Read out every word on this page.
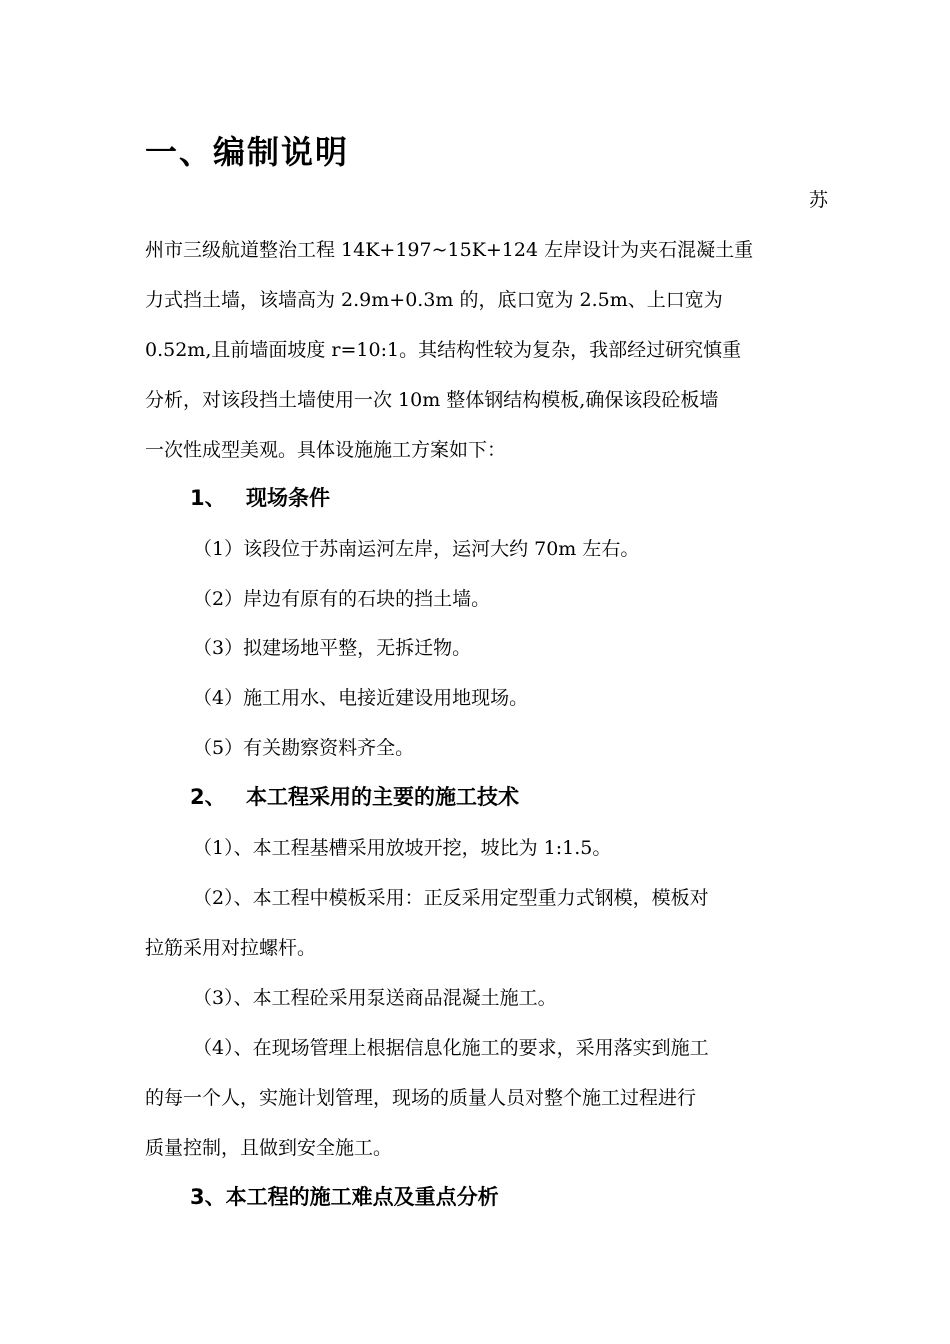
一、编制说明
苏
州市三级航道整治工程 14K+197~15K+124 左岸设计为夹石混凝土重
力式挡土墙，该墙高为 2.9m+0.3m 的，底口宽为 2.5m、上口宽为
0.52m,且前墙面坡度 r=10:1。其结构性较为复杂，我部经过研究慎重
分析，对该段挡土墙使用一次 10m 整体钢结构模板,确保该段砼板墙
一次性成型美观。具体设施施工方案如下：
1、 现场条件
（1）该段位于苏南运河左岸，运河大约 70m 左右。
（2）岸边有原有的石块的挡土墙。
（3）拟建场地平整，无拆迁物。
（4）施工用水、电接近建设用地现场。
（5）有关勘察资料齐全。
2、 本工程采用的主要的施工技术
（1）、本工程基槽采用放坡开挖，坡比为 1:1.5。
（2）、本工程中模板采用：正反采用定型重力式钢模，模板对
拉筋采用对拉螺杆。
（3）、本工程砼采用泵送商品混凝土施工。
（4）、在现场管理上根据信息化施工的要求，采用落实到施工
的每一个人，实施计划管理，现场的质量人员对整个施工过程进行
质量控制，且做到安全施工。
3、本工程的施工难点及重点分析
